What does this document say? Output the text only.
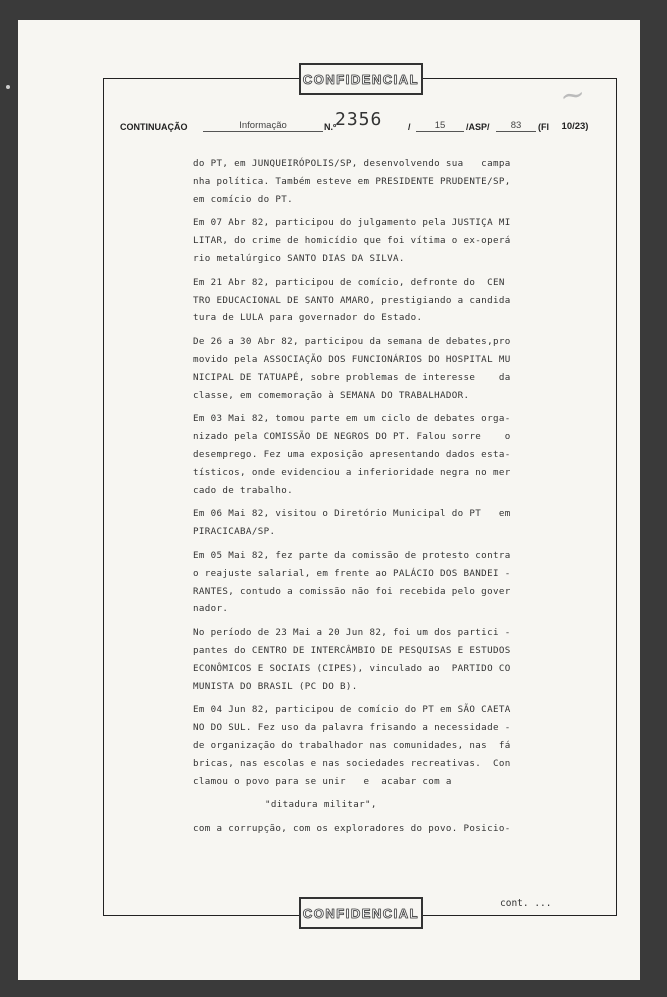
CONFIDENCIAL	~
CONTINUAÇÃO	Informação	N.º
2356	/	15	/ASP/	83	(Fl	10/23)

do PT, em JUNQUEIRÓPOLIS/SP, desenvolvendo sua   campa
nha política. Também esteve em PRESIDENTE PRUDENTE/SP,
em comício do PT.

Em 07 Abr 82, participou do julgamento pela JUSTIÇA MI
LITAR, do crime de homicídio que foi vítima o ex-operá
rio metalúrgico SANTO DIAS DA SILVA.

Em 21 Abr 82, participou de comício, defronte do  CEN
TRO EDUCACIONAL DE SANTO AMARO, prestigiando a candida
tura de LULA para governador do Estado.

De 26 a 30 Abr 82, participou da semana de debates,pro
movido pela ASSOCIAÇÃO DOS FUNCIONÁRIOS DO HOSPITAL MU
NICIPAL DE TATUAPÉ, sobre problemas de interesse    da
classe, em comemoração à SEMANA DO TRABALHADOR.

Em 03 Mai 82, tomou parte em um ciclo de debates orga-
nizado pela COMISSÃO DE NEGROS DO PT. Falou sorre    o
desemprego. Fez uma exposição apresentando dados esta-
tísticos, onde evidenciou a inferioridade negra no mer
cado de trabalho.

Em 06 Mai 82, visitou o Diretório Municipal do PT   em
PIRACICABA/SP.

Em 05 Mai 82, fez parte da comissão de protesto contra
o reajuste salarial, em frente ao PALÁCIO DOS BANDEI -
RANTES, contudo a comissão não foi recebida pelo gover
nador.

No período de 23 Mai a 20 Jun 82, foi um dos partici -
pantes do CENTRO DE INTERCÂMBIO DE PESQUISAS E ESTUDOS
ECONÔMICOS E SOCIAIS (CIPES), vinculado ao  PARTIDO CO
MUNISTA DO BRASIL (PC DO B).

Em 04 Jun 82, participou de comício do PT em SÃO CAETA
NO DO SUL. Fez uso da palavra frisando a necessidade -
de organização do trabalhador nas comunidades, nas  fá
bricas, nas escolas e nas sociedades recreativas.  Con
clamou o povo para se unir   e  acabar com a

"ditadura militar",

com a corrupção, com os exploradores do povo. Posicio-

cont. ...
CONFIDENCIAL
